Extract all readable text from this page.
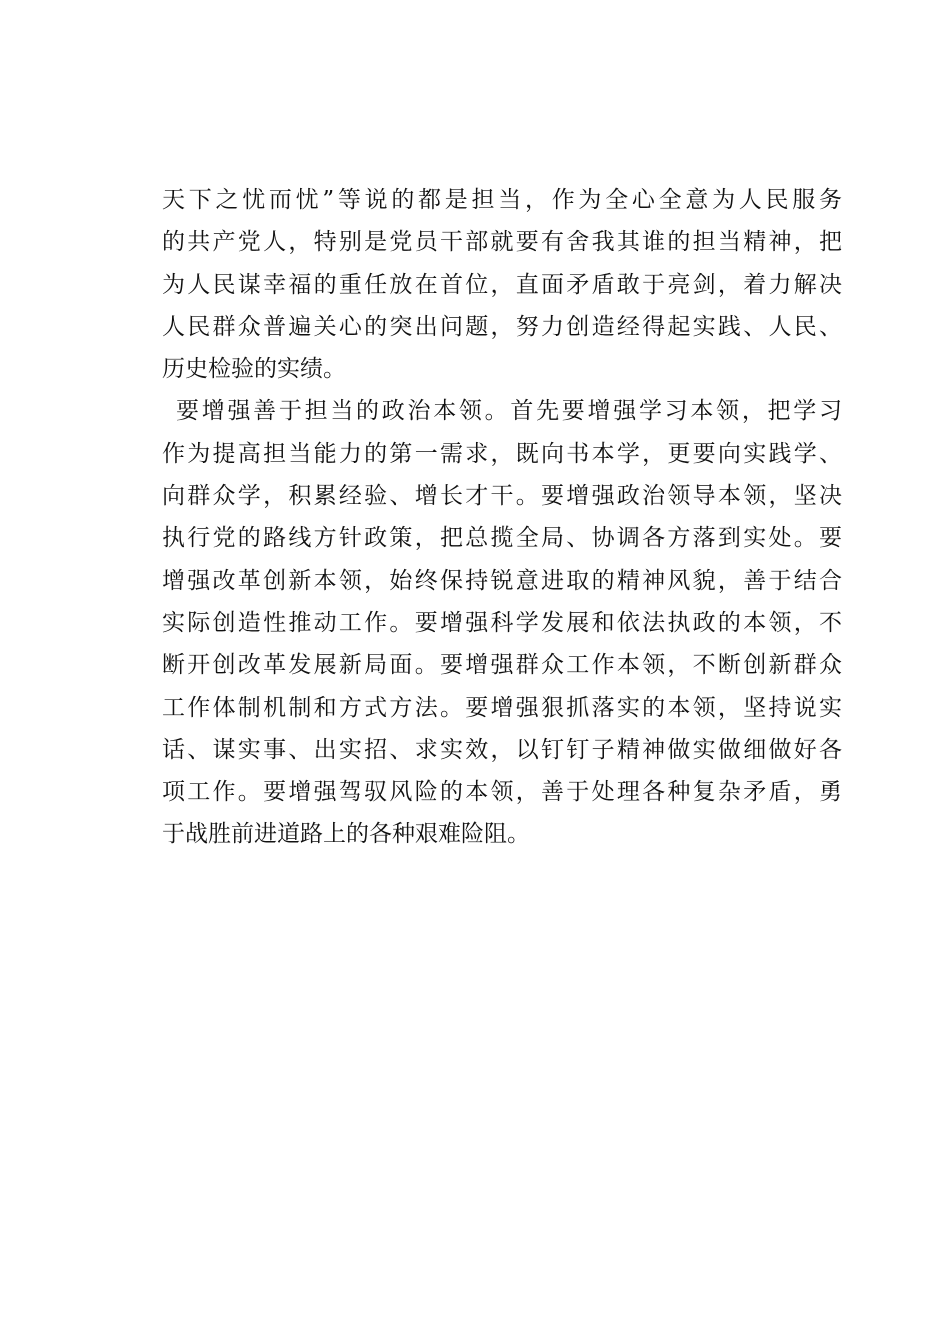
天下之忧而忧”等说的都是担当，作为全心全意为人民服务
的共产党人，特别是党员干部就要有舍我其谁的担当精神，把
为人民谋幸福的重任放在首位，直面矛盾敢于亮剑，着力解决
人民群众普遍关心的突出问题，努力创造经得起实践、人民、
历史检验的实绩。
要增强善于担当的政治本领。首先要增强学习本领，把学习
作为提高担当能力的第一需求，既向书本学，更要向实践学、
向群众学，积累经验、增长才干。要增强政治领导本领，坚决
执行党的路线方针政策，把总揽全局、协调各方落到实处。要
增强改革创新本领，始终保持锐意进取的精神风貌，善于结合
实际创造性推动工作。要增强科学发展和依法执政的本领，不
断开创改革发展新局面。要增强群众工作本领，不断创新群众
工作体制机制和方式方法。要增强狠抓落实的本领，坚持说实
话、谋实事、出实招、求实效，以钉钉子精神做实做细做好各
项工作。要增强驾驭风险的本领，善于处理各种复杂矛盾，勇
于战胜前进道路上的各种艰难险阻。
